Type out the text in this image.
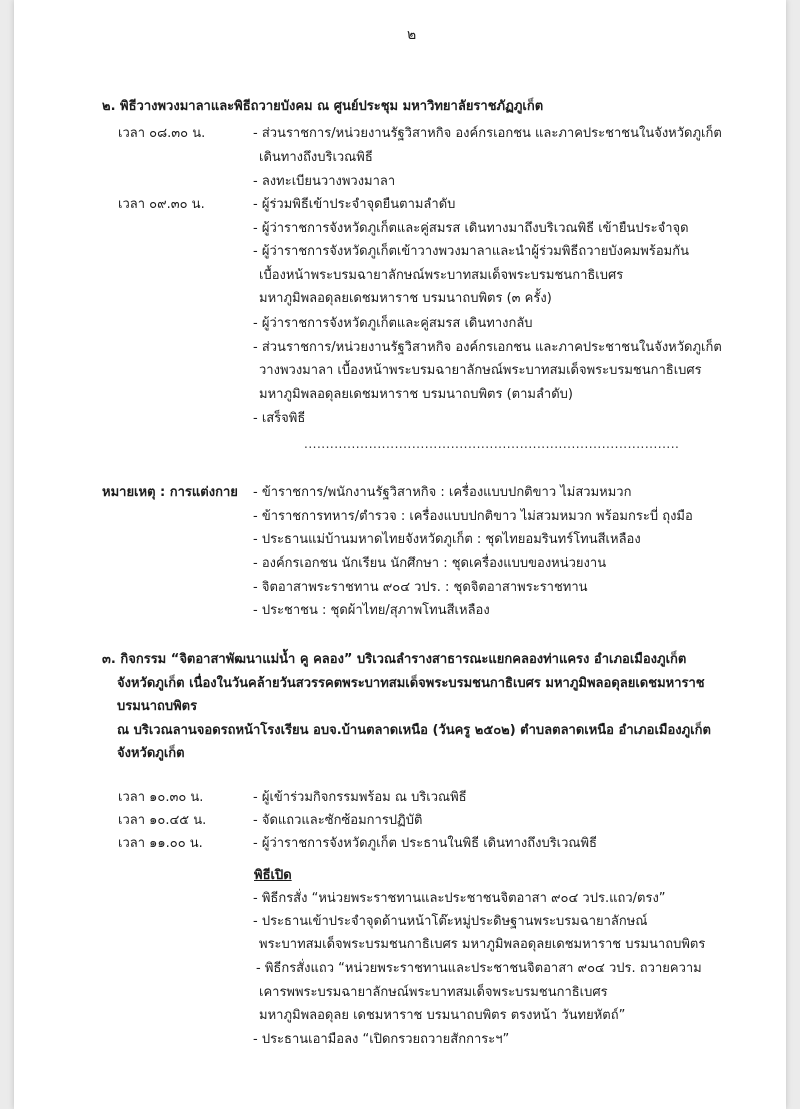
๒
๒. พิธีวางพวงมาลาและพิธีถวายบังคม ณ ศูนย์ประชุม มหาวิทยาลัยราชภัฏภูเก็ต
เวลา ๐๘.๓๐ น.	- ส่วนราชการ/หน่วยงานรัฐวิสาหกิจ องค์กรเอกชน และภาคประชาชนในจังหวัดภูเก็ต
เดินทางถึงบริเวณพิธี
- ลงทะเบียนวางพวงมาลา
เวลา ๐๙.๓๐ น.	- ผู้ร่วมพิธีเข้าประจำจุดยืนตามลำดับ
- ผู้ว่าราชการจังหวัดภูเก็ตและคู่สมรส เดินทางมาถึงบริเวณพิธี เข้ายืนประจำจุด
- ผู้ว่าราชการจังหวัดภูเก็ตเข้าวางพวงมาลาและนำผู้ร่วมพิธีถวายบังคมพร้อมกัน
เบื้องหน้าพระบรมฉายาลักษณ์พระบาทสมเด็จพระบรมชนกาธิเบศร
มหาภูมิพลอดุลยเดชมหาราช บรมนาถบพิตร (๓ ครั้ง)
- ผู้ว่าราชการจังหวัดภูเก็ตและคู่สมรส เดินทางกลับ
- ส่วนราชการ/หน่วยงานรัฐวิสาหกิจ องค์กรเอกชน และภาคประชาชนในจังหวัดภูเก็ต
วางพวงมาลา เบื้องหน้าพระบรมฉายาลักษณ์พระบาทสมเด็จพระบรมชนกาธิเบศร
มหาภูมิพลอดุลยเดชมหาราช บรมนาถบพิตร (ตามลำดับ)
- เสร็จพิธี
.......................................................................................
หมายเหตุ : การแต่งกาย - ข้าราชการ/พนักงานรัฐวิสาหกิจ : เครื่องแบบปกติขาว ไม่สวมหมวก
- ข้าราชการทหาร/ตำรวจ : เครื่องแบบปกติขาว ไม่สวมหมวก พร้อมกระบี่ ถุงมือ
- ประธานแม่บ้านมหาดไทยจังหวัดภูเก็ต : ชุดไทยอมรินทร์โทนสีเหลือง
- องค์กรเอกชน นักเรียน นักศึกษา : ชุดเครื่องแบบของหน่วยงาน
- จิตอาสาพระราชทาน ๙๐๔ วปร. : ชุดจิตอาสาพระราชทาน
- ประชาชน : ชุดผ้าไทย/สุภาพโทนสีเหลือง
๓. กิจกรรม “จิตอาสาพัฒนาแม่น้ำ คู คลอง” บริเวณลำรางสาธารณะแยกคลองท่าแครง อำเภอเมืองภูเก็ต
จังหวัดภูเก็ต เนื่องในวันคล้ายวันสวรรคตพระบาทสมเด็จพระบรมชนกาธิเบศร มหาภูมิพลอดุลยเดชมหาราช
บรมนาถบพิตร
ณ บริเวณลานจอดรถหน้าโรงเรียน อบจ.บ้านตลาดเหนือ (วันครู ๒๕๐๒) ตำบลตลาดเหนือ อำเภอเมืองภูเก็ต
จังหวัดภูเก็ต
เวลา ๑๐.๓๐ น.	- ผู้เข้าร่วมกิจกรรมพร้อม ณ บริเวณพิธี
เวลา ๑๐.๔๕ น.	- จัดแถวและซักซ้อมการปฏิบัติ
เวลา ๑๑.๐๐ น.	- ผู้ว่าราชการจังหวัดภูเก็ต ประธานในพิธี เดินทางถึงบริเวณพิธี
พิธีเปิด
- พิธีกรสั่ง “หน่วยพระราชทานและประชาชนจิตอาสา ๙๐๔ วปร.แถว/ตรง”
- ประธานเข้าประจำจุดด้านหน้าโต๊ะหมู่ประดิษฐานพระบรมฉายาลักษณ์
พระบาทสมเด็จพระบรมชนกาธิเบศร มหาภูมิพลอดุลยเดชมหาราช บรมนาถบพิตร
- พิธีกรสั่งแถว “หน่วยพระราชทานและประชาชนจิตอาสา ๙๐๔ วปร. ถวายความ
เคารพพระบรมฉายาลักษณ์พระบาทสมเด็จพระบรมชนกาธิเบศร
มหาภูมิพลอดุลย เดชมหาราช บรมนาถบพิตร ตรงหน้า วันทยหัตถ์”
- ประธานเอามือลง “เปิดกรวยถวายสักการะฯ”
